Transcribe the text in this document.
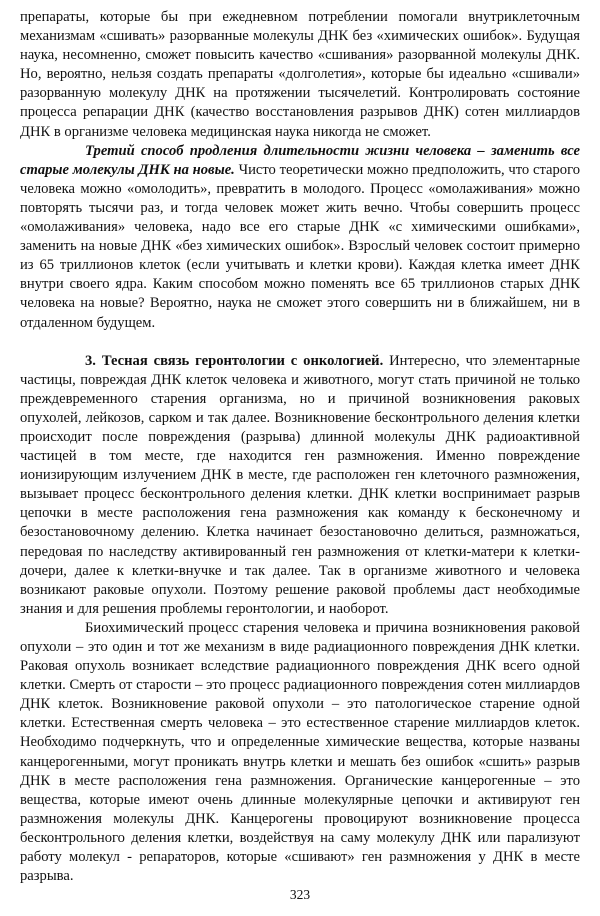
препараты, которые бы при ежедневном потреблении помогали внутриклеточным механизмам «сшивать» разорванные молекулы ДНК без «химических ошибок». Будущая наука, несомненно, сможет повысить качество «сшивания» разорванной молекулы ДНК. Но, вероятно, нельзя создать препараты «долголетия», которые бы идеально «сшивали» разорванную молекулу ДНК на протяжении тысячелетий. Контролировать состояние процесса репарации ДНК (качество восстановления разрывов ДНК) сотен миллиардов ДНК в организме человека медицинская наука никогда не сможет.

Третий способ продления длительности жизни человека – заменить все старые молекулы ДНК на новые. Чисто теоретически можно предположить, что старого человека можно «омолодить», превратить в молодого. Процесс «омолаживания» можно повторять тысячи раз, и тогда человек может жить вечно. Чтобы совершить процесс «омолаживания» человека, надо все его старые ДНК «с химическими ошибками», заменить на новые ДНК «без химических ошибок». Взрослый человек состоит примерно из 65 триллионов клеток (если учитывать и клетки крови). Каждая клетка имеет ДНК внутри своего ядра. Каким способом можно поменять все 65 триллионов старых ДНК человека на новые? Вероятно, наука не сможет этого совершить ни в ближайшем, ни в отдаленном будущем.

3. Тесная связь геронтологии с онкологией. Интересно, что элементарные частицы, повреждая ДНК клеток человека и животного, могут стать причиной не только преждевременного старения организма, но и причиной возникновения раковых опухолей, лейкозов, сарком и так далее. Возникновение бесконтрольного деления клетки происходит после повреждения (разрыва) длинной молекулы ДНК радиоактивной частицей в том месте, где находится ген размножения. Именно повреждение ионизирующим излучением ДНК в месте, где расположен ген клеточного размножения, вызывает процесс бесконтрольного деления клетки. ДНК клетки воспринимает разрыв цепочки в месте расположения гена размножения как команду к бесконечному и безостановочному делению. Клетка начинает безостановочно делиться, размножаться, передовая по наследству активированный ген размножения от клетки-матери к клетки-дочери, далее к клетки-внучке и так далее. Так в организме животного и человека возникают раковые опухоли. Поэтому решение раковой проблемы даст необходимые знания и для решения проблемы геронтологии, и наоборот.

Биохимический процесс старения человека и причина возникновения раковой опухоли – это один и тот же механизм в виде радиационного повреждения ДНК клетки. Раковая опухоль возникает вследствие радиационного повреждения ДНК всего одной клетки. Смерть от старости – это процесс радиационного повреждения сотен миллиардов ДНК клеток. Возникновение раковой опухоли – это патологическое старение одной клетки. Естественная смерть человека – это естественное старение миллиардов клеток. Необходимо подчеркнуть, что и определенные химические вещества, которые названы канцерогенными, могут проникать внутрь клетки и мешать без ошибок «сшить» разрыв ДНК в месте расположения гена размножения. Органические канцерогенные – это вещества, которые имеют очень длинные молекулярные цепочки и активируют ген размножения молекулы ДНК. Канцерогены провоцируют возникновение процесса бесконтрольного деления клетки, воздействуя на саму молекулу ДНК или парализуют работу молекул - репараторов, которые «сшивают» ген размножения у ДНК в месте разрыва.

323
